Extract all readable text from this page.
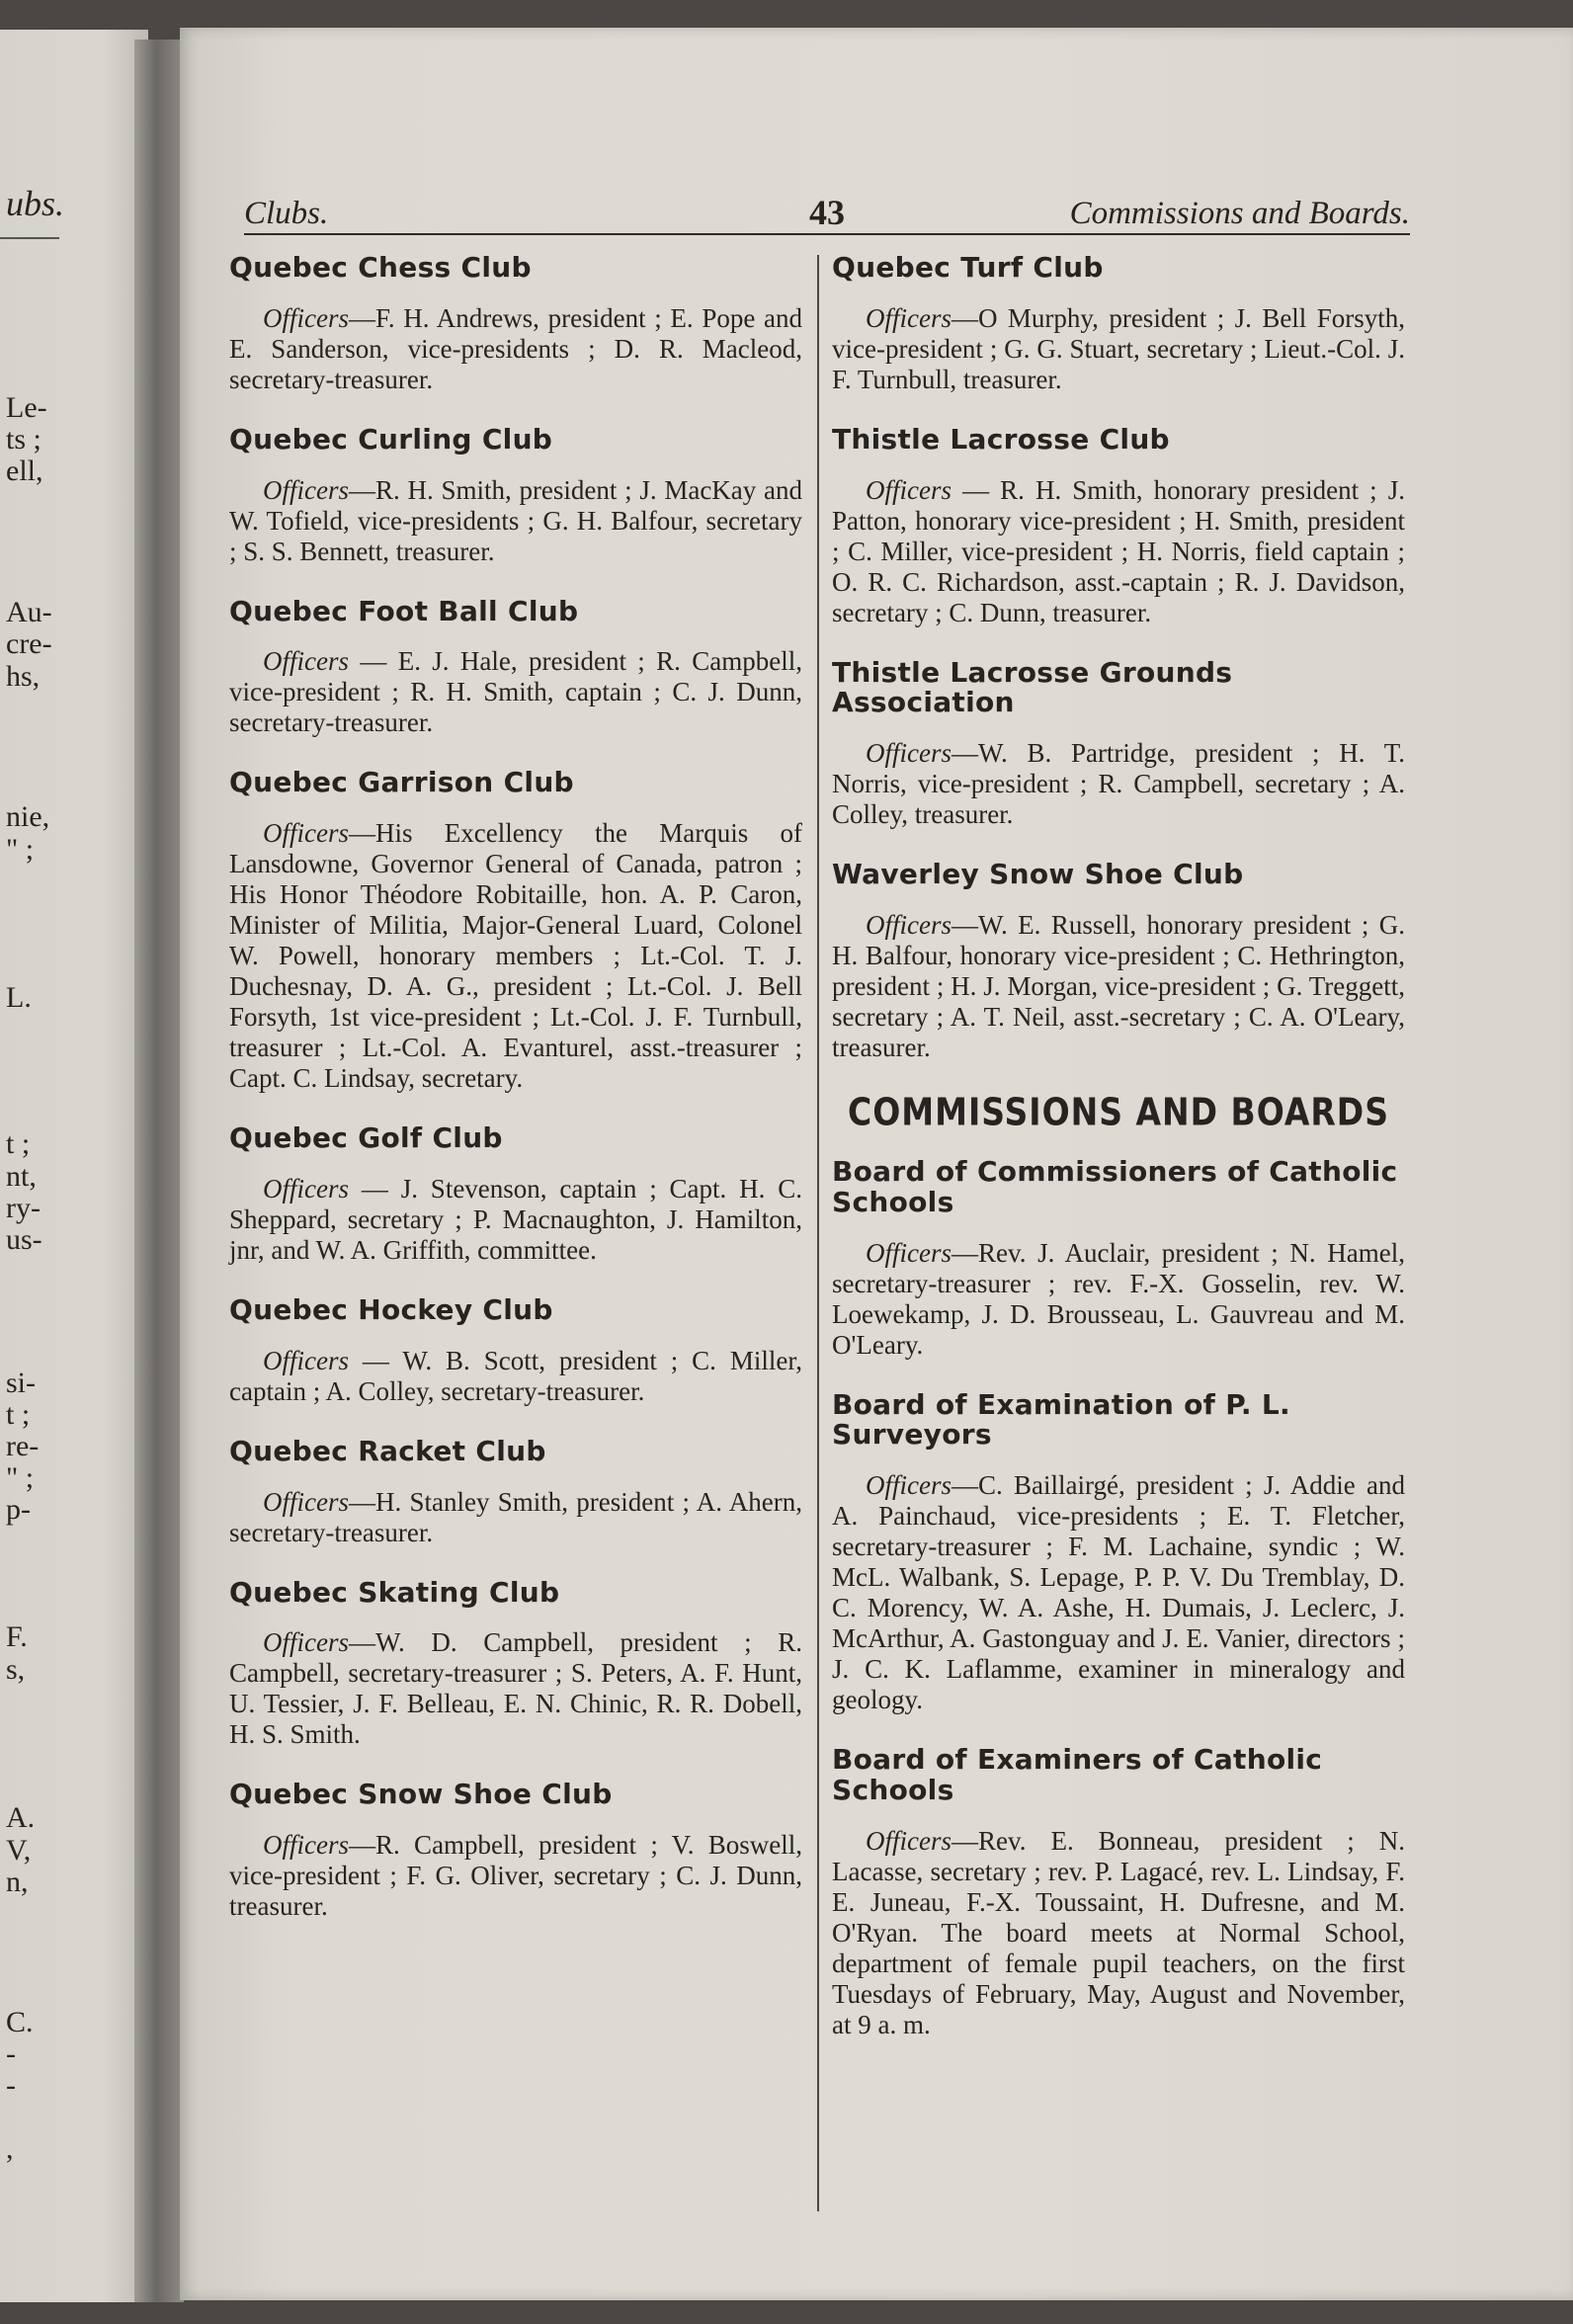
ubs.
Le-
ts ;
ell,
Au-
cre-
hs,
nie,
" ;
L.
t ;
nt,
ry-
us-
si-
t ;
re-
" ;
p-
F.
s,
A.
V,
n,
C.
-
-
,
Clubs.	43	Commissions and Boards.
Quebec Chess Club

Officers—F. H. Andrews, president ; E. Pope and E. Sanderson, vice-presidents ; D. R. Macleod, secretary-treasurer.

Quebec Curling Club

Officers—R. H. Smith, president ; J. MacKay and W. Tofield, vice-presidents ; G. H. Balfour, secretary ; S. S. Bennett, treasurer.

Quebec Foot Ball Club

Officers — E. J. Hale, president ; R. Campbell, vice-president ; R. H. Smith, captain ; C. J. Dunn, secretary-treasurer.

Quebec Garrison Club

Officers—His Excellency the Marquis of Lansdowne, Governor General of Canada, patron ; His Honor Théodore Robitaille, hon. A. P. Caron, Minister of Militia, Major-General Luard, Colonel W. Powell, honorary members ; Lt.-Col. T. J. Duchesnay, D. A. G., president ; Lt.-Col. J. Bell Forsyth, 1st vice-president ; Lt.-Col. J. F. Turnbull, treasurer ; Lt.-Col. A. Evanturel, asst.-treasurer ; Capt. C. Lindsay, secretary.

Quebec Golf Club

Officers — J. Stevenson, captain ; Capt. H. C. Sheppard, secretary ; P. Macnaughton, J. Hamilton, jnr, and W. A. Griffith, committee.

Quebec Hockey Club

Officers — W. B. Scott, president ; C. Miller, captain ; A. Colley, secretary-treasurer.

Quebec Racket Club

Officers—H. Stanley Smith, president ; A. Ahern, secretary-treasurer.

Quebec Skating Club

Officers—W. D. Campbell, president ; R. Campbell, secretary-treasurer ; S. Peters, A. F. Hunt, U. Tessier, J. F. Belleau, E. N. Chinic, R. R. Dobell, H. S. Smith.

Quebec Snow Shoe Club

Officers—R. Campbell, president ; V. Boswell, vice-president ; F. G. Oliver, secretary ; C. J. Dunn, treasurer.

Quebec Turf Club

Officers—O Murphy, president ; J. Bell Forsyth, vice-president ; G. G. Stuart, secretary ; Lieut.-Col. J. F. Turnbull, treasurer.

Thistle Lacrosse Club

Officers — R. H. Smith, honorary president ; J. Patton, honorary vice-president ; H. Smith, president ; C. Miller, vice-president ; H. Norris, field captain ; O. R. C. Richardson, asst.-captain ; R. J. Davidson, secretary ; C. Dunn, treasurer.

Thistle Lacrosse Grounds Association

Officers—W. B. Partridge, president ; H. T. Norris, vice-president ; R. Campbell, secretary ; A. Colley, treasurer.

Waverley Snow Shoe Club

Officers—W. E. Russell, honorary president ; G. H. Balfour, honorary vice-president ; C. Hethrington, president ; H. J. Morgan, vice-president ; G. Treggett, secretary ; A. T. Neil, asst.-secretary ; C. A. O'Leary, treasurer.

COMMISSIONS AND BOARDS
Board of Commissioners of Catholic Schools

Officers—Rev. J. Auclair, president ; N. Hamel, secretary-treasurer ; rev. F.-X. Gosselin, rev. W. Loewekamp, J. D. Brousseau, L. Gauvreau and M. O'Leary.

Board of Examination of P. L. Surveyors

Officers—C. Baillairgé, president ; J. Addie and A. Painchaud, vice-presidents ; E. T. Fletcher, secretary-treasurer ; F. M. Lachaine, syndic ; W. McL. Walbank, S. Lepage, P. P. V. Du Tremblay, D. C. Morency, W. A. Ashe, H. Dumais, J. Leclerc, J. McArthur, A. Gastonguay and J. E. Vanier, directors ; J. C. K. Laflamme, examiner in mineralogy and geology.

Board of Examiners of Catholic Schools

Officers—Rev. E. Bonneau, president ; N. Lacasse, secretary ; rev. P. Lagacé, rev. L. Lindsay, F. E. Juneau, F.-X. Toussaint, H. Dufresne, and M. O'Ryan. The board meets at Normal School, department of female pupil teachers, on the first Tuesdays of February, May, August and November, at 9 a. m.
